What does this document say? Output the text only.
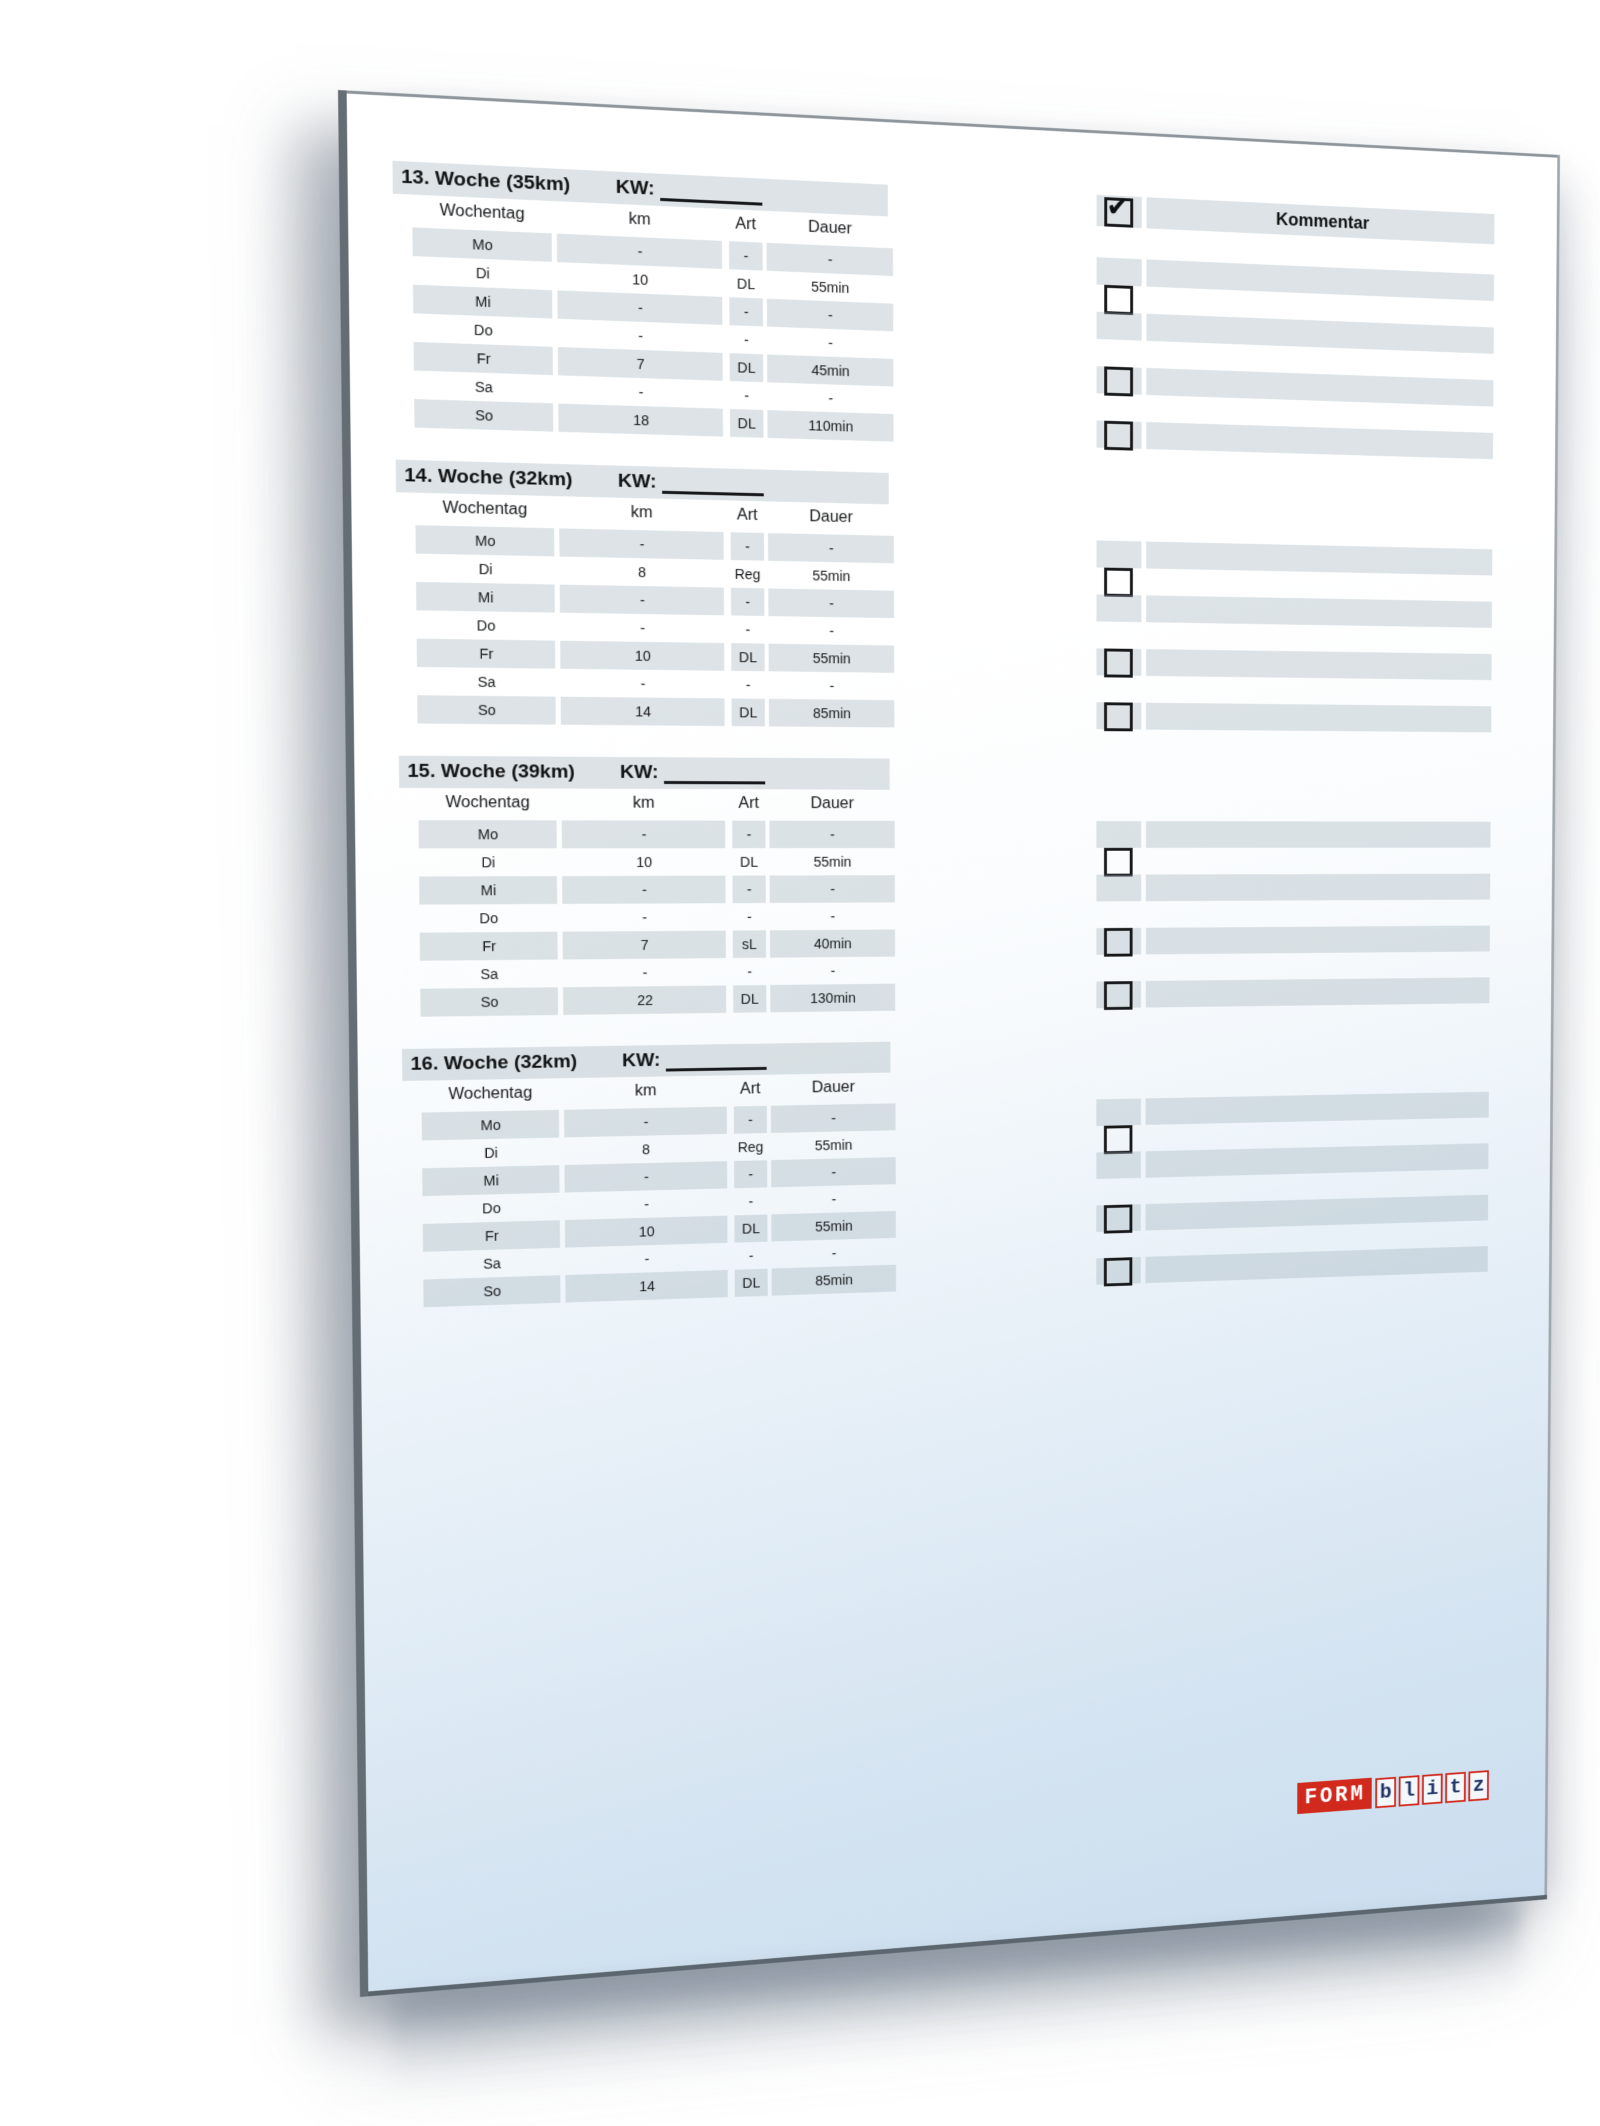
13. Woche (35km) KW:
Kommentar
✔
Wochentag	km	Art	Dauer
Mo	-	-	-
Di	10	DL	55min
Mi	-	-	-
Do	-	-	-
Fr	7	DL	45min
Sa	-	-	-
So	18	DL	110min
14. Woche (32km) KW:
Wochentag	km	Art	Dauer
Mo	-	-	-
Di	8	Reg	55min
Mi	-	-	-
Do	-	-	-
Fr	10	DL	55min
Sa	-	-	-
So	14	DL	85min
15. Woche (39km) KW:
Wochentag	km	Art	Dauer
Mo	-	-	-
Di	10	DL	55min
Mi	-	-	-
Do	-	-	-
Fr	7	sL	40min
Sa	-	-	-
So	22	DL	130min
16. Woche (32km) KW:
Wochentag	km	Art	Dauer
Mo	-	-	-
Di	8	Reg	55min
Mi	-	-	-
Do	-	-	-
Fr	10	DL	55min
Sa	-	-	-
So	14	DL	85min
FORM b l i t z
